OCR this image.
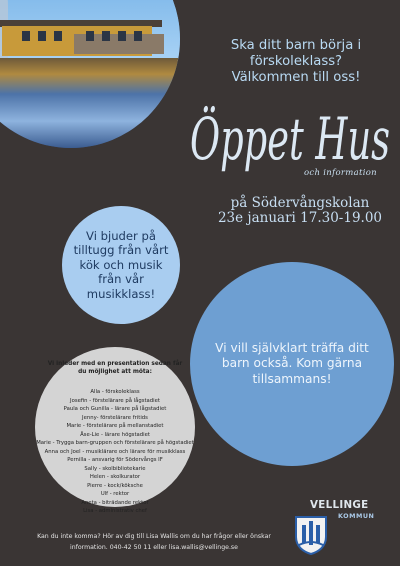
Ska ditt barn börja i
förskoleklass?
Välkommen till oss!
Öppet Hus
och information
på Södervångskolan
23e januari 17.30-19.00

Vi bjuder på tilltugg från vårt kök och musik från vår musikklass!

Vi vill självklart träffa ditt barn också. Kom gärna tillsammans!

Vi inleder med en presentation sedan får du möjlighet att möta:
Alla - förskoleklass
Josefin - förstelärare på lågstadiet
Paula och Gunilla - lärare på lågstadiet
Jenny- förstelärare fritids
Marie - förstelärare på mellanstadiet
Åse-Lie - lärare högstadiet
Marie - Trygga barn-gruppen och förstelärare på högstadiet
Anna och Joel - musiklärare och lärare för musikklass
Pernilla - ansvarig för Södervångs IF
Sally - skolbibliotekarie
Helen - skolkurator
Pierre - kock/köksche
Ulf - rektor
Aneta - biträdande rektor
Lisa - administrativ chef	VELLINGE
KOMMUN
Kan du inte komma? Hör av dig till Lisa Wallis om du har frågor eller önskar
information. 040-42 50 11 eller lisa.wallis@vellinge.se
